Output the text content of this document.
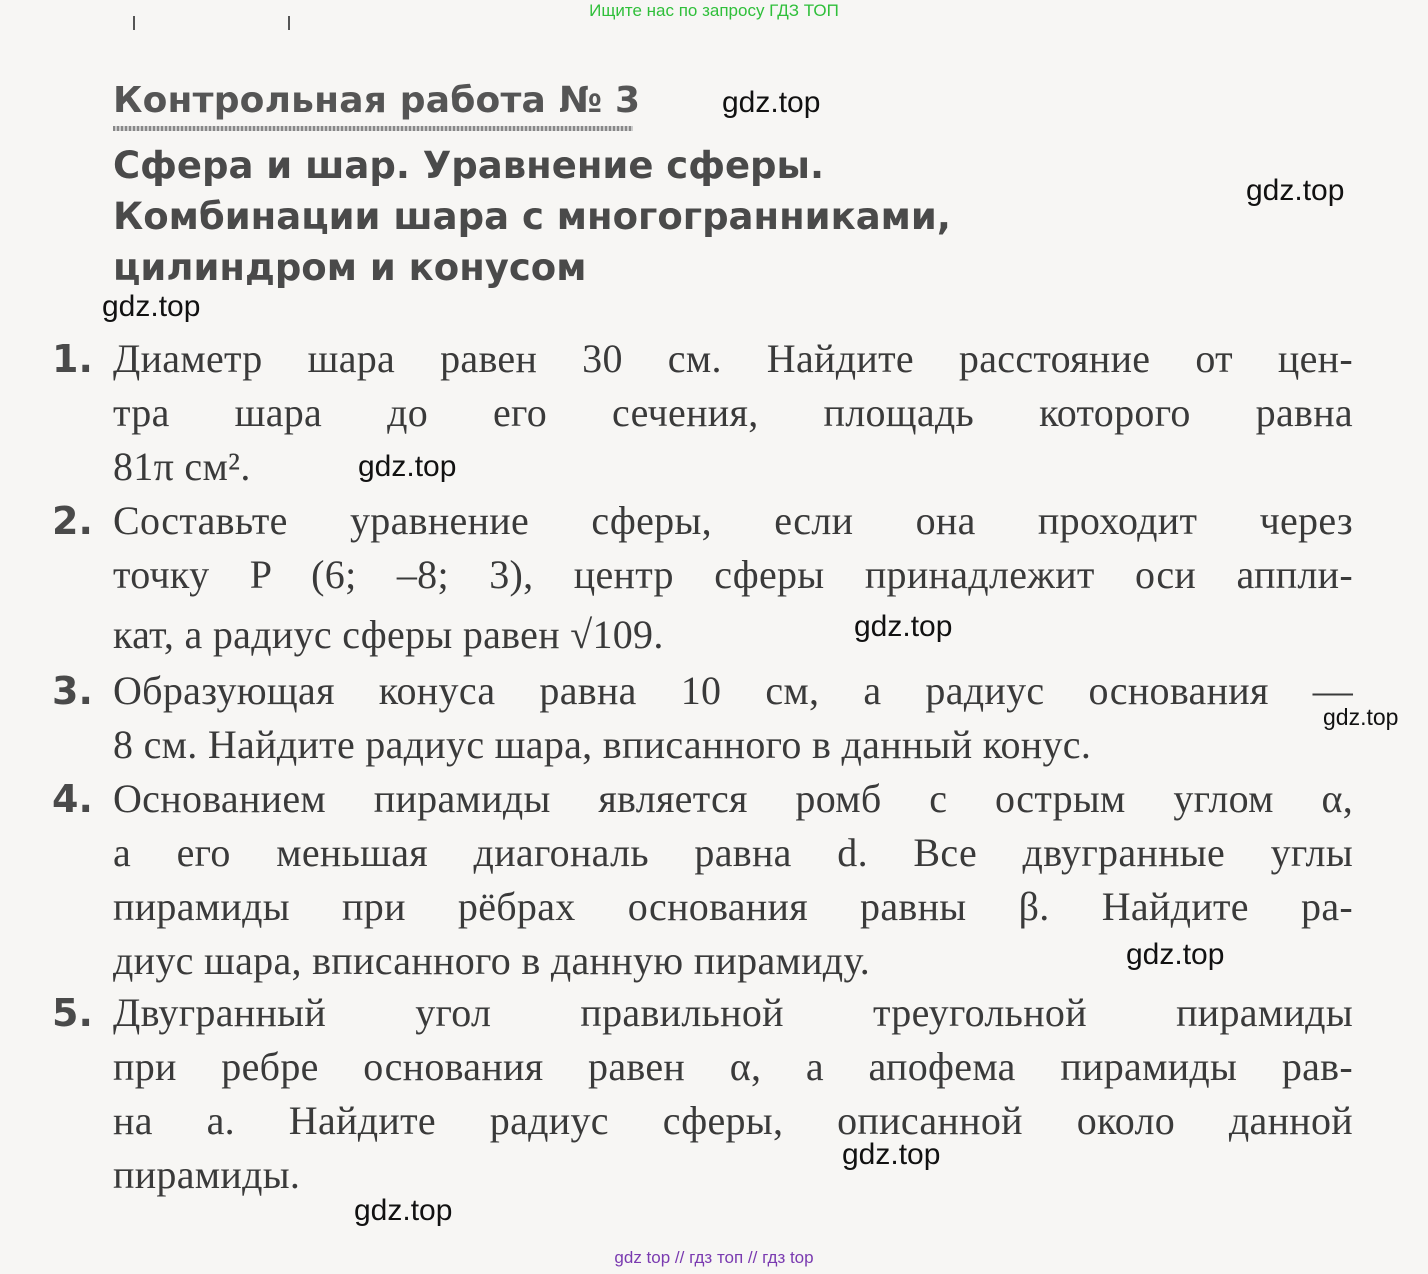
Ищите нас по запросу ГДЗ ТОП
Контрольная работа № 3
Сфера и шар. Уравнение сферы.
Комбинации шара с многогранниками,
цилиндром и конусом
1. Диаметр шара равен 30 см. Найдите расстояние от цен-
тра шара до его сечения, площадь которого равна
81π см².
2. Составьте уравнение сферы, если она проходит через
точку P (6; –8; 3), центр сферы принадлежит оси аппли-
кат, а радиус сферы равен √109.
3. Образующая конуса равна 10 см, а радиус основания —
8 см. Найдите радиус шара, вписанного в данный конус.
4. Основанием пирамиды является ромб с острым углом α,
а его меньшая диагональ равна d. Все двугранные углы
пирамиды при рёбрах основания равны β. Найдите ра-
диус шара, вписанного в данную пирамиду.
5. Двугранный угол правильной треугольной пирамиды
при ребре основания равен α, а апофема пирамиды рав-
на a. Найдите радиус сферы, описанной около данной
пирамиды.
gdz.top
gdz.top
gdz.top
gdz.top
gdz.top
gdz.top
gdz.top
gdz.top
gdz.top
gdz top // гдз топ // гдз top
